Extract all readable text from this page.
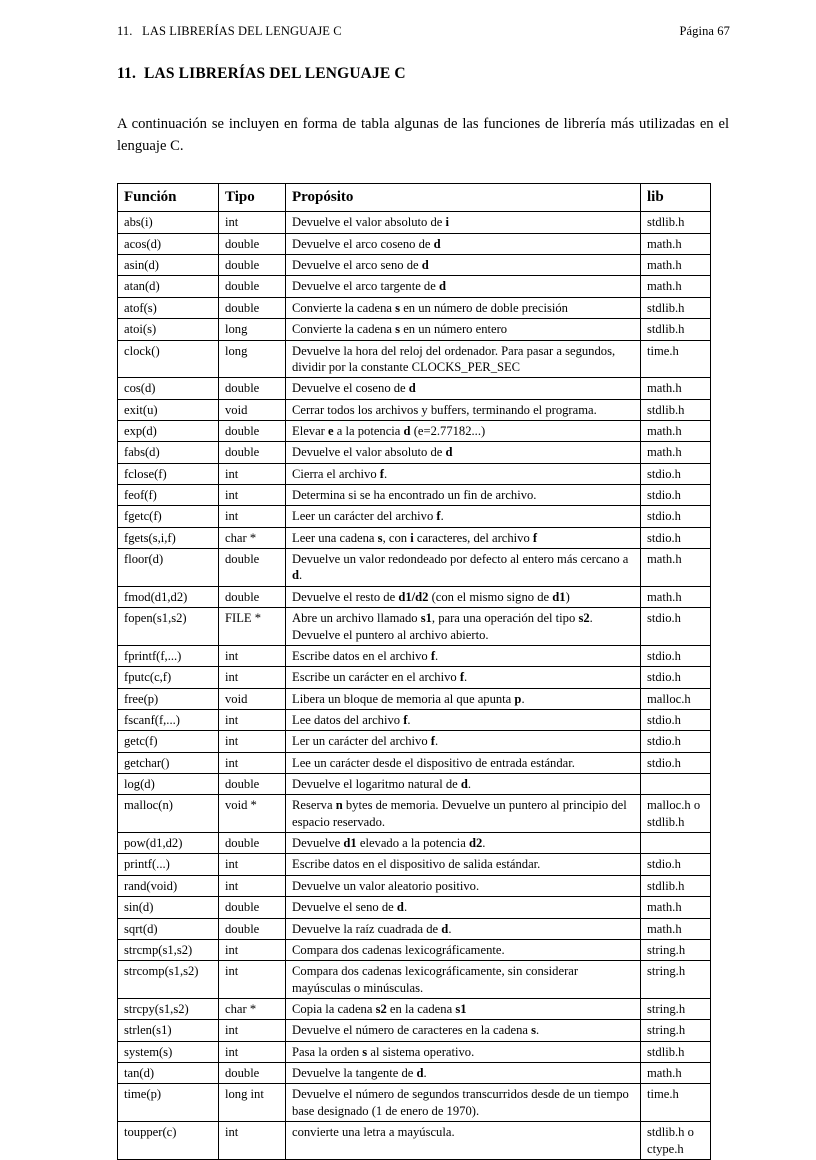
11.   LAS LIBRERÍAS DEL LENGUAJE C	Página 67
11.  LAS LIBRERÍAS DEL LENGUAJE C

A continuación se incluyen en forma de tabla algunas de las funciones de librería más utilizadas en el lenguaje C.

Función	Tipo	Propósito	lib
abs(i)	int	Devuelve el valor absoluto de i	stdlib.h
acos(d)	double	Devuelve el arco coseno de d	math.h
asin(d)	double	Devuelve el arco seno de d	math.h
atan(d)	double	Devuelve el arco targente de d	math.h
atof(s)	double	Convierte la cadena s en un número de doble precisión	stdlib.h
atoi(s)	long	Convierte la cadena s en un número entero	stdlib.h
clock()	long	Devuelve la hora del reloj del ordenador. Para pasar a segundos, dividir por la constante CLOCKS_PER_SEC	time.h
cos(d)	double	Devuelve el coseno de d	math.h
exit(u)	void	Cerrar todos los archivos y buffers, terminando el programa.	stdlib.h
exp(d)	double	Elevar e a la potencia d (e=2.77182...)	math.h
fabs(d)	double	Devuelve el valor absoluto de d	math.h
fclose(f)	int	Cierra el archivo f.	stdio.h
feof(f)	int	Determina si se ha encontrado un fin de archivo.	stdio.h
fgetc(f)	int	Leer un carácter del archivo f.	stdio.h
fgets(s,i,f)	char *	Leer una cadena s, con i caracteres, del archivo f	stdio.h
floor(d)	double	Devuelve un valor redondeado por defecto al entero más cercano a d.	math.h
fmod(d1,d2)	double	Devuelve el resto de d1/d2 (con el mismo signo de d1)	math.h
fopen(s1,s2)	FILE *	Abre un archivo llamado s1, para una operación del tipo s2. Devuelve el puntero al archivo abierto.	stdio.h
fprintf(f,...)	int	Escribe datos en el archivo f.	stdio.h
fputc(c,f)	int	Escribe un carácter en el archivo f.	stdio.h
free(p)	void	Libera un bloque de memoria al que apunta p.	malloc.h
fscanf(f,...)	int	Lee datos del archivo f.	stdio.h
getc(f)	int	Ler un carácter del archivo f.	stdio.h
getchar()	int	Lee un carácter desde el dispositivo de entrada estándar.	stdio.h
log(d)	double	Devuelve el logaritmo natural de d.	
malloc(n)	void *	Reserva n bytes de memoria. Devuelve un puntero al principio del espacio reservado.	malloc.h o stdlib.h
pow(d1,d2)	double	Devuelve d1 elevado a la potencia d2.	
printf(...)	int	Escribe datos en el dispositivo de salida estándar.	stdio.h
rand(void)	int	Devuelve un valor aleatorio positivo.	stdlib.h
sin(d)	double	Devuelve el seno de d.	math.h
sqrt(d)	double	Devuelve la raíz cuadrada de d.	math.h
strcmp(s1,s2)	int	Compara dos cadenas lexicográficamente.	string.h
strcomp(s1,s2)	int	Compara dos cadenas lexicográficamente, sin considerar mayúsculas o minúsculas.	string.h
strcpy(s1,s2)	char *	Copia la cadena s2 en la cadena s1	string.h
strlen(s1)	int	Devuelve el número de caracteres en la cadena s.	string.h
system(s)	int	Pasa la orden s al sistema operativo.	stdlib.h
tan(d)	double	Devuelve la tangente de d.	math.h
time(p)	long int	Devuelve el número de segundos transcurridos desde de un tiempo base designado (1 de enero de 1970).	time.h
toupper(c)	int	convierte una letra a mayúscula.	stdlib.h o ctype.h
